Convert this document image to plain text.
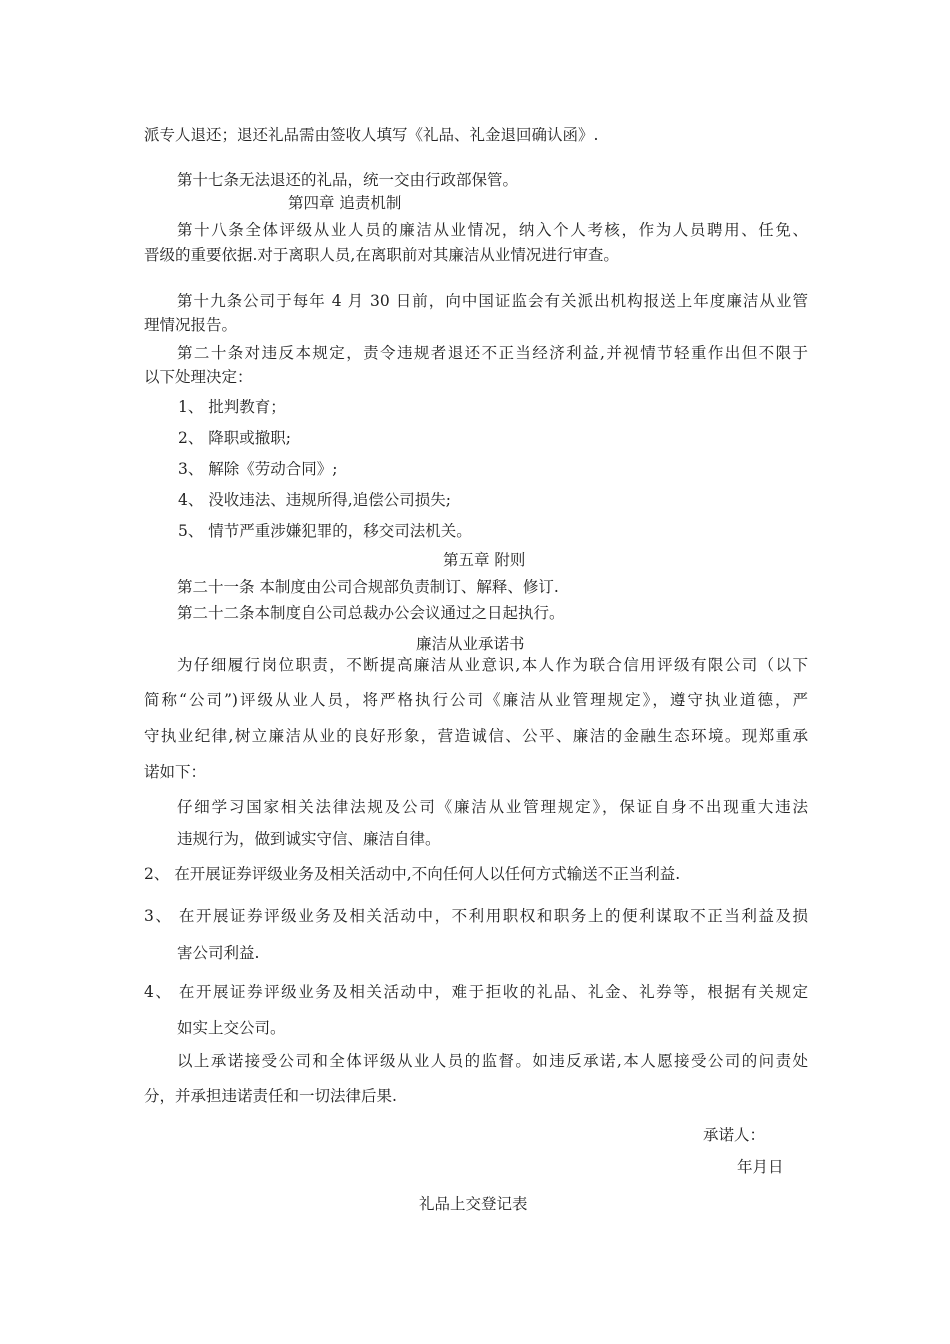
派专人退还；退还礼品需由签收人填写《礼品、礼金退回确认函》.
第十七条无法退还的礼品，统一交由行政部保管。
第四章 追责机制
第十八条全体评级从业人员的廉洁从业情况，纳入个人考核，作为人员聘用、任免、
晋级的重要依据.对于离职人员,在离职前对其廉洁从业情况进行审查。
第十九条公司于每年 4 月 30 日前，向中国证监会有关派出机构报送上年度廉洁从业管
理情况报告。
第二十条对违反本规定，责令违规者退还不正当经济利益,并视情节轻重作出但不限于
以下处理决定：
1、 批判教育；
2、 降职或撤职;
3、 解除《劳动合同》;
4、 没收违法、违规所得,追偿公司损失;
5、 情节严重涉嫌犯罪的，移交司法机关。
第五章 附则
第二十一条 本制度由公司合规部负责制订、解释、修订.
第二十二条本制度自公司总裁办公会议通过之日起执行。
廉洁从业承诺书
为仔细履行岗位职责，不断提高廉洁从业意识,本人作为联合信用评级有限公司（以下
简称“公司”)评级从业人员，将严格执行公司《廉洁从业管理规定》，遵守执业道德，严
守执业纪律,树立廉洁从业的良好形象，营造诚信、公平、廉洁的金融生态环境。现郑重承
诺如下：
仔细学习国家相关法律法规及公司《廉洁从业管理规定》，保证自身不出现重大违法
违规行为，做到诚实守信、廉洁自律。
2、 在开展证券评级业务及相关活动中,不向任何人以任何方式输送不正当利益.
3、 在开展证券评级业务及相关活动中，不利用职权和职务上的便利谋取不正当利益及损
害公司利益.
4、 在开展证券评级业务及相关活动中，难于拒收的礼品、礼金、礼券等，根据有关规定
如实上交公司。
以上承诺接受公司和全体评级从业人员的监督。如违反承诺,本人愿接受公司的问责处
分，并承担违诺责任和一切法律后果.
承诺人：
年月日
礼品上交登记表
